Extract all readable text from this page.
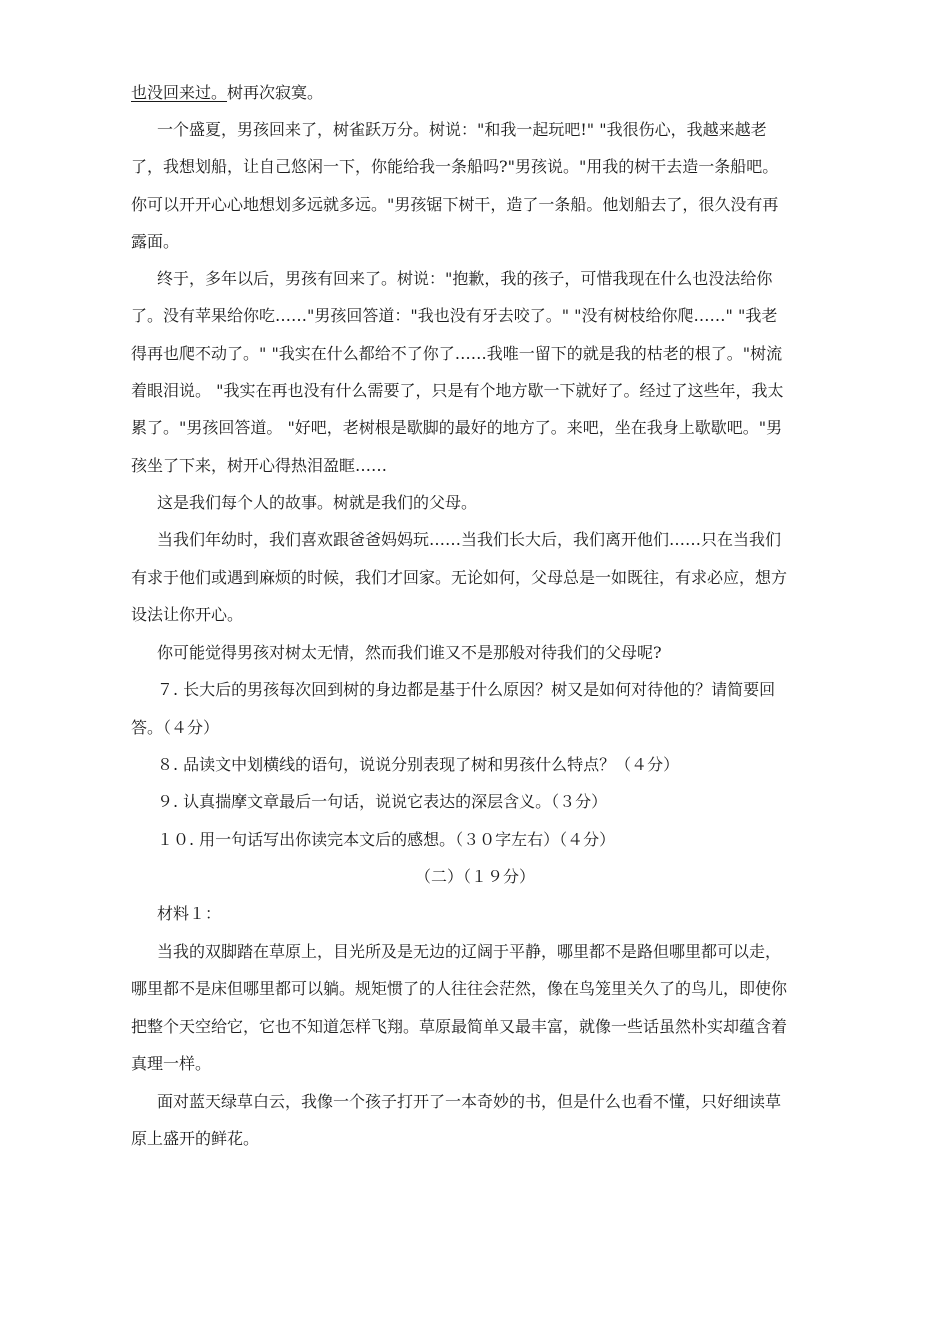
也没回来过。树再次寂寞。
一个盛夏，男孩回来了，树雀跃万分。树说："和我一起玩吧!" "我很伤心，我越来越老
了，我想划船，让自己悠闲一下，你能给我一条船吗?"男孩说。"用我的树干去造一条船吧。
你可以开开心心地想划多远就多远。"男孩锯下树干，造了一条船。他划船去了，很久没有再
露面。
终于，多年以后，男孩有回来了。树说："抱歉，我的孩子，可惜我现在什么也没法给你
了。没有苹果给你吃……"男孩回答道："我也没有牙去咬了。" "没有树枝给你爬……" "我老
得再也爬不动了。" "我实在什么都给不了你了……我唯一留下的就是我的枯老的根了。"树流
着眼泪说。 "我实在再也没有什么需要了，只是有个地方歇一下就好了。经过了这些年，我太
累了。"男孩回答道。 "好吧，老树根是歇脚的最好的地方了。来吧，坐在我身上歇歇吧。"男
孩坐了下来，树开心得热泪盈眶……
这是我们每个人的故事。树就是我们的父母。
当我们年幼时，我们喜欢跟爸爸妈妈玩……当我们长大后，我们离开他们……只在当我们
有求于他们或遇到麻烦的时候，我们才回家。无论如何，父母总是一如既往，有求必应，想方
设法让你开心。
你可能觉得男孩对树太无情，然而我们谁又不是那般对待我们的父母呢?
７. 长大后的男孩每次回到树的身边都是基于什么原因？树又是如何对待他的？请简要回
答。（４分）
８. 品读文中划横线的语句，说说分别表现了树和男孩什么特点？（４分）
９. 认真揣摩文章最后一句话，说说它表达的深层含义。（３分）
１０. 用一句话写出你读完本文后的感想。（３０字左右）（４分）
（二）（１９分）
材料１：
当我的双脚踏在草原上，目光所及是无边的辽阔于平静，哪里都不是路但哪里都可以走，
哪里都不是床但哪里都可以躺。规矩惯了的人往往会茫然，像在鸟笼里关久了的鸟儿，即使你
把整个天空给它，它也不知道怎样飞翔。草原最简单又最丰富，就像一些话虽然朴实却蕴含着
真理一样。
面对蓝天绿草白云，我像一个孩子打开了一本奇妙的书，但是什么也看不懂，只好细读草
原上盛开的鲜花。
